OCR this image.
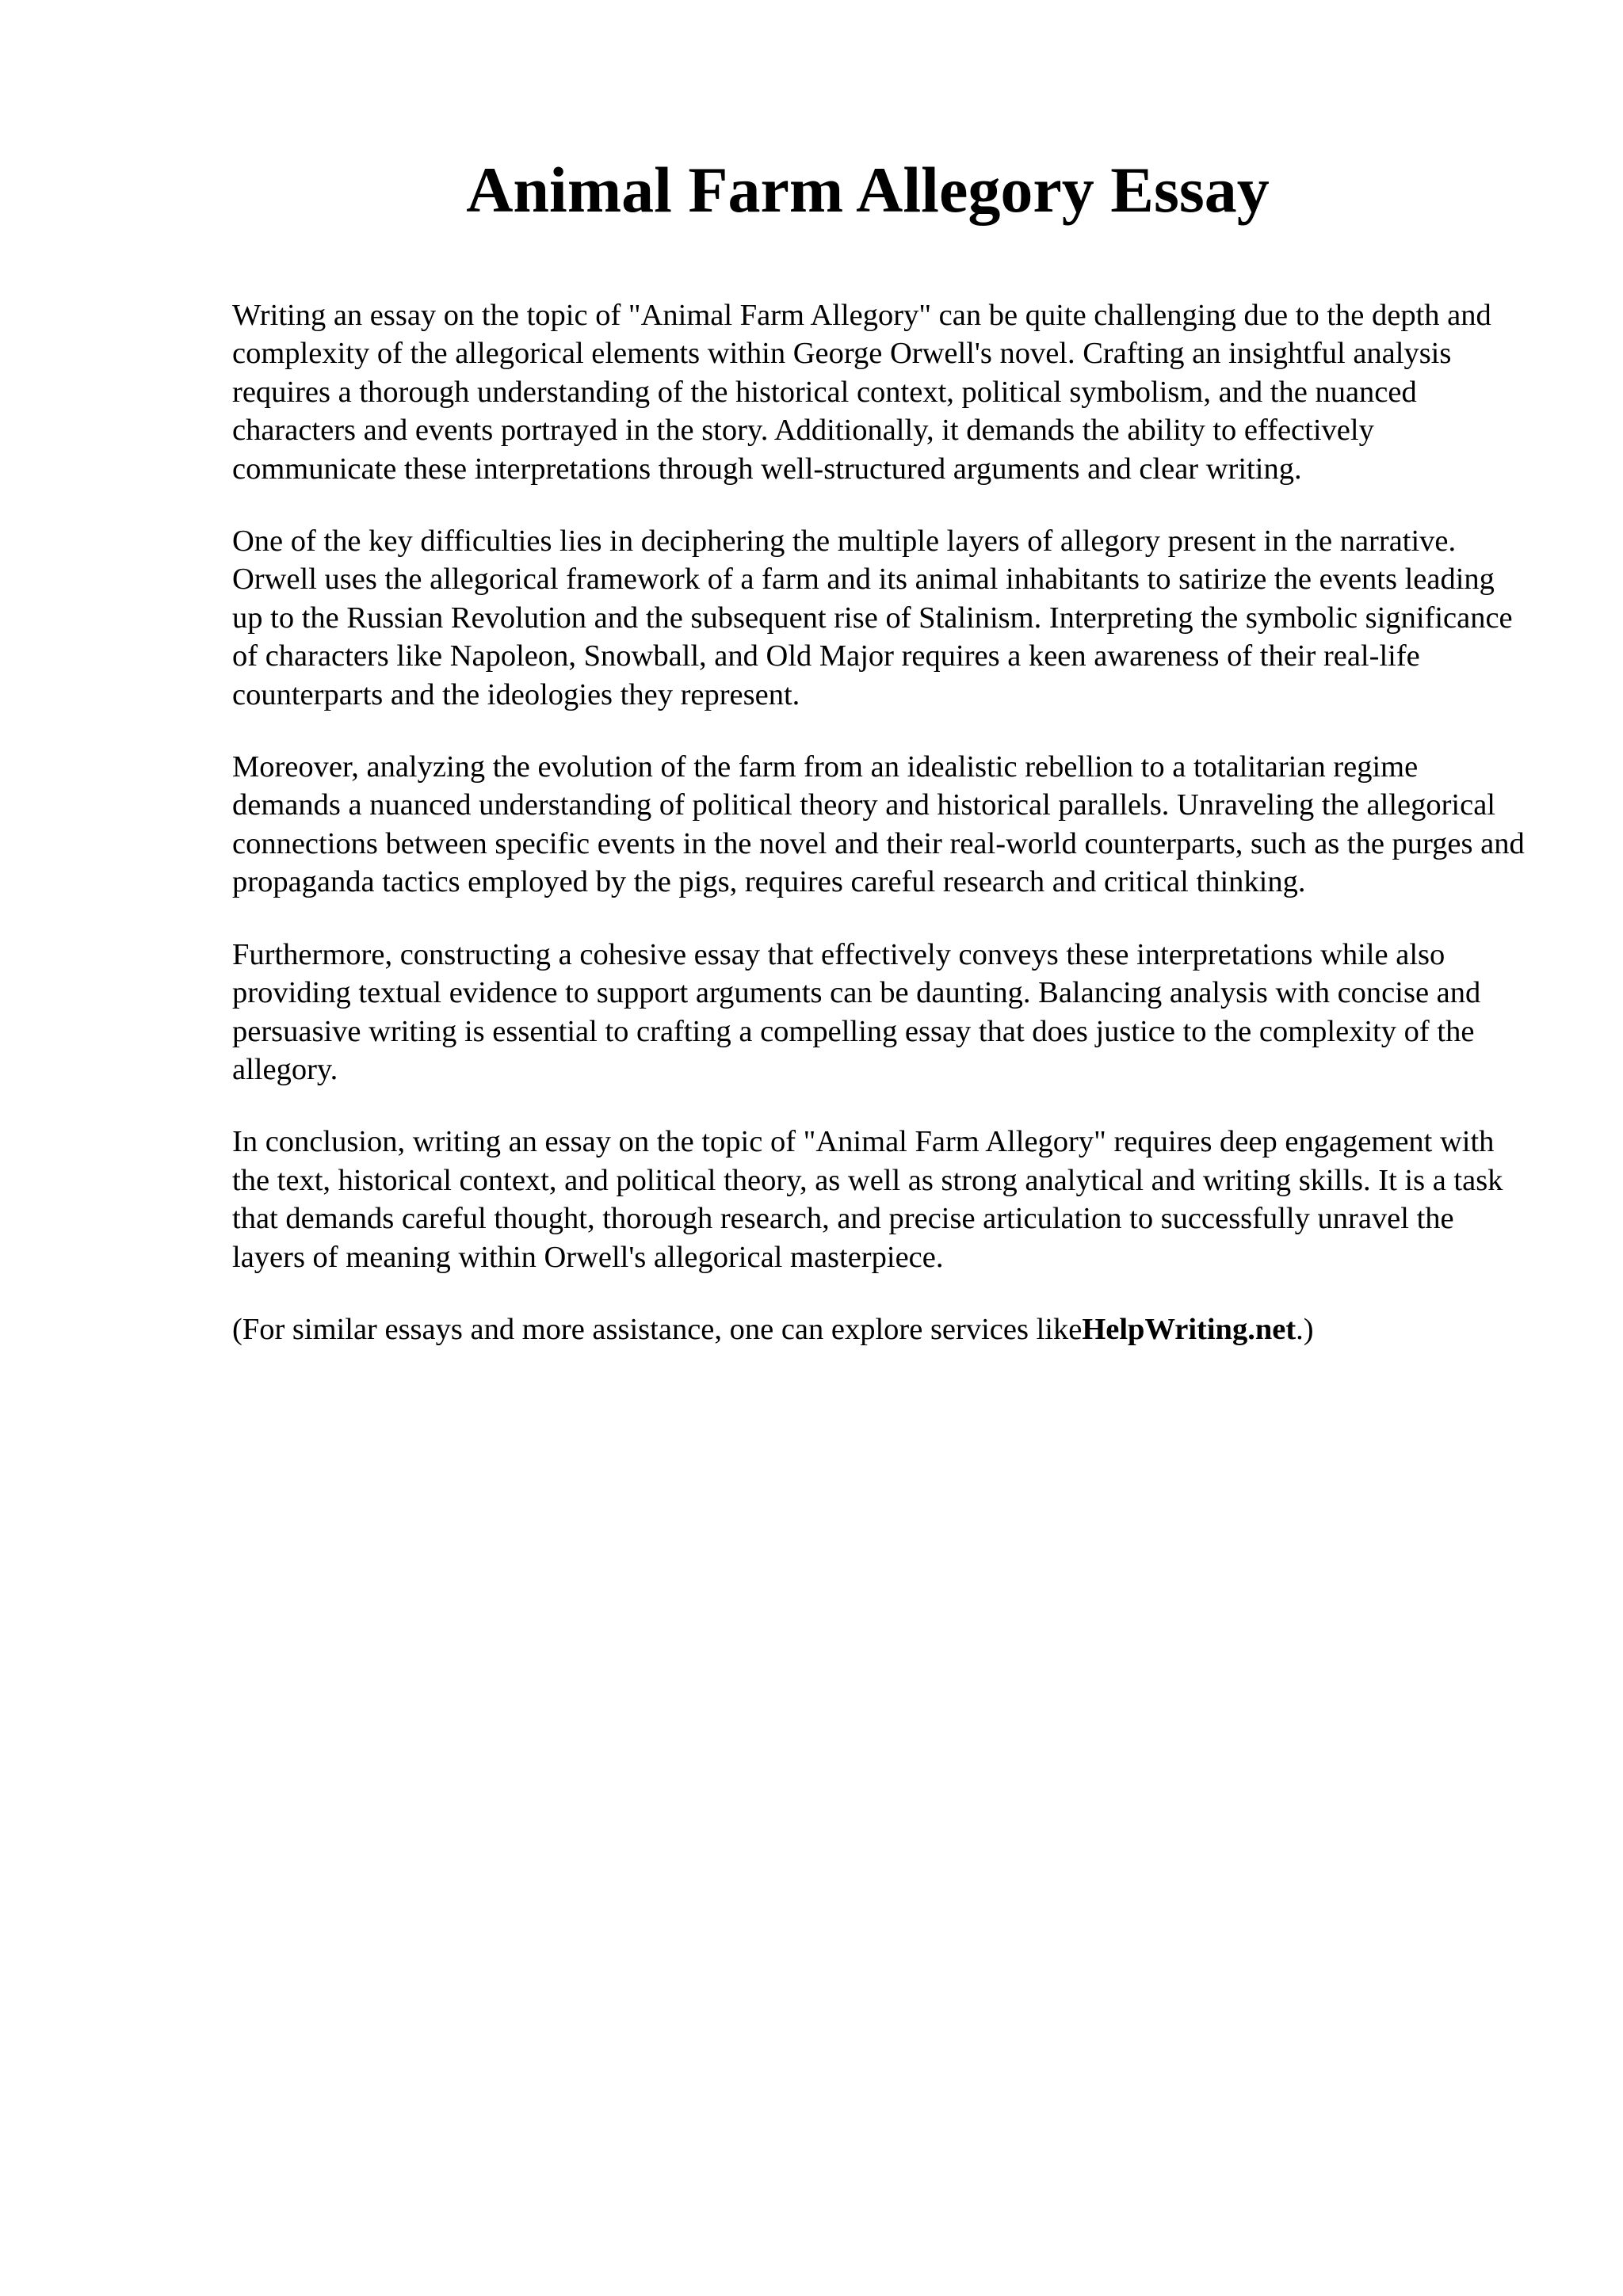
Animal Farm Allegory Essay

Writing an essay on the topic of "Animal Farm Allegory" can be quite challenging due to the depth and complexity of the allegorical elements within George Orwell's novel. Crafting an insightful analysis requires a thorough understanding of the historical context, political symbolism, and the nuanced characters and events portrayed in the story. Additionally, it demands the ability to effectively communicate these interpretations through well-structured arguments and clear writing.

One of the key difficulties lies in deciphering the multiple layers of allegory present in the narrative. Orwell uses the allegorical framework of a farm and its animal inhabitants to satirize the events leading up to the Russian Revolution and the subsequent rise of Stalinism. Interpreting the symbolic significance of characters like Napoleon, Snowball, and Old Major requires a keen awareness of their real-life counterparts and the ideologies they represent.

Moreover, analyzing the evolution of the farm from an idealistic rebellion to a totalitarian regime demands a nuanced understanding of political theory and historical parallels. Unraveling the allegorical connections between specific events in the novel and their real-world counterparts, such as the purges and propaganda tactics employed by the pigs, requires careful research and critical thinking.

Furthermore, constructing a cohesive essay that effectively conveys these interpretations while also providing textual evidence to support arguments can be daunting. Balancing analysis with concise and persuasive writing is essential to crafting a compelling essay that does justice to the complexity of the allegory.

In conclusion, writing an essay on the topic of "Animal Farm Allegory" requires deep engagement with the text, historical context, and political theory, as well as strong analytical and writing skills. It is a task that demands careful thought, thorough research, and precise articulation to successfully unravel the layers of meaning within Orwell's allegorical masterpiece.

(For similar essays and more assistance, one can explore services likeHelpWriting.net.)
